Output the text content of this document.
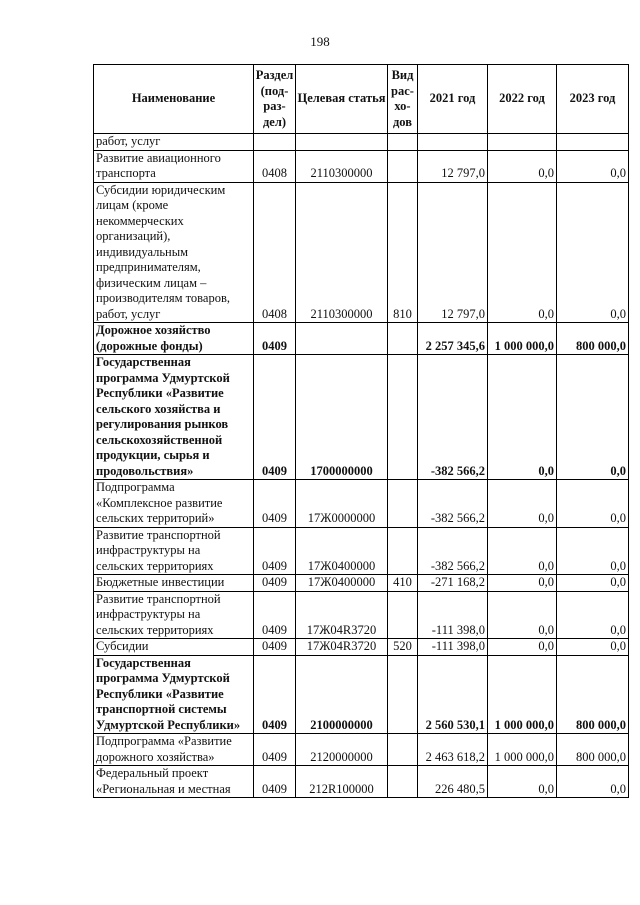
198
Наименование	Раздел (под-раз-дел)	Целевая статья	Вид рас-хо-дов	2021 год	2022 год	2023 год
работ, услуг						
Развитие авиационного транспорта	0408	2110300000		12 797,0	0,0	0,0
Субсидии юридическим лицам (кроме некоммерческих организаций), индивидуальным предпринимателям, физическим лицам – производителям товаров, работ, услуг	0408	2110300000	810	12 797,0	0,0	0,0
Дорожное хозяйство (дорожные фонды)	0409			2 257 345,6	1 000 000,0	800 000,0
Государственная программа Удмуртской Республики «Развитие сельского хозяйства и регулирования рынков сельскохозяйственной продукции, сырья и продовольствия»	0409	1700000000		-382 566,2	0,0	0,0
Подпрограмма «Комплексное развитие сельских территорий»	0409	17Ж0000000		-382 566,2	0,0	0,0
Развитие транспортной инфраструктуры на сельских территориях	0409	17Ж0400000		-382 566,2	0,0	0,0
Бюджетные инвестиции	0409	17Ж0400000	410	-271 168,2	0,0	0,0
Развитие транспортной инфраструктуры на сельских территориях	0409	17Ж04R3720		-111 398,0	0,0	0,0
Субсидии	0409	17Ж04R3720	520	-111 398,0	0,0	0,0
Государственная программа Удмуртской Республики «Развитие транспортной системы Удмуртской Республики»	0409	2100000000		2 560 530,1	1 000 000,0	800 000,0
Подпрограмма «Развитие дорожного хозяйства»	0409	2120000000		2 463 618,2	1 000 000,0	800 000,0
Федеральный проект «Региональная и местная	0409	212R100000		226 480,5	0,0	0,0
